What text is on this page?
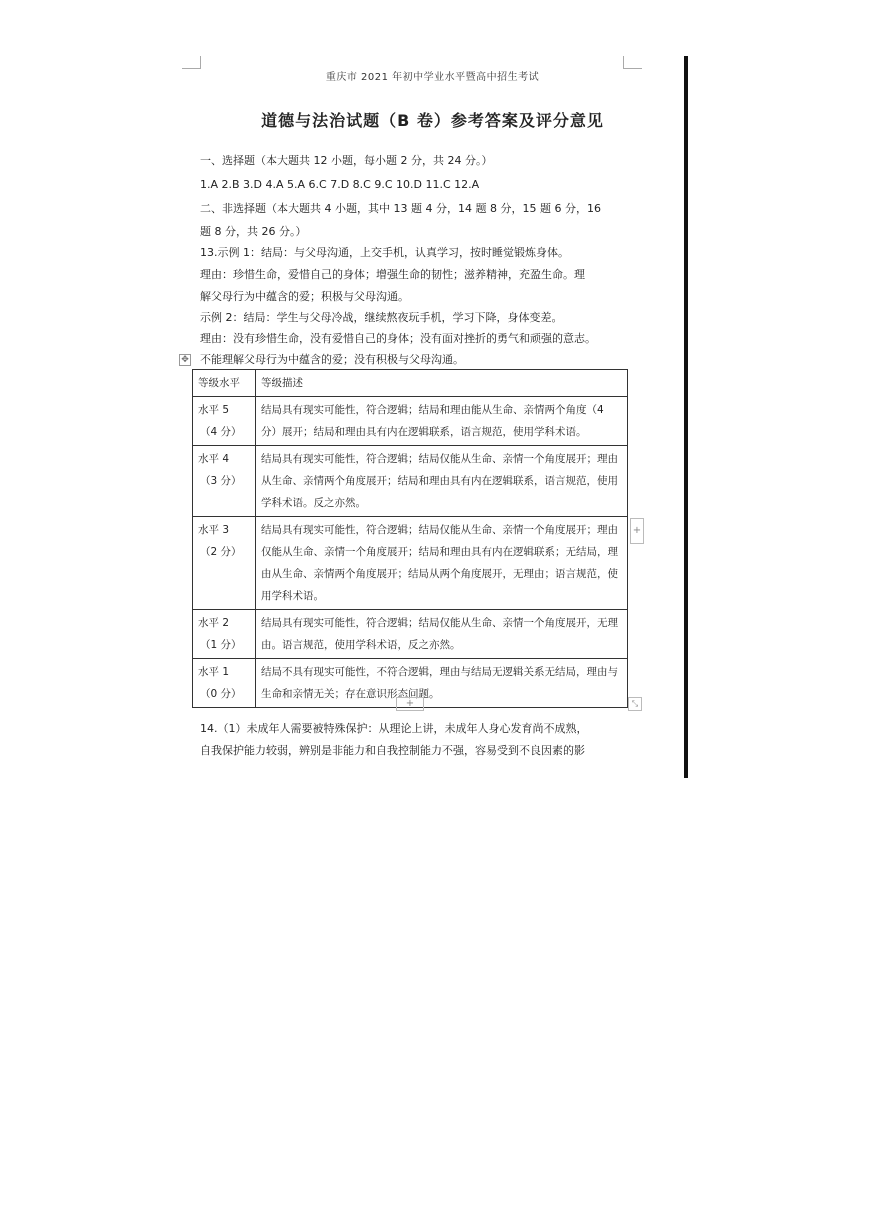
重庆市 2021 年初中学业水平暨高中招生考试
道德与法治试题（B 卷）参考答案及评分意见
一、选择题（本大题共 12 小题，每小题 2 分，共 24 分。）
1.A 2.B 3.D 4.A 5.A 6.C 7.D 8.C 9.C 10.D 11.C 12.A
二、非选择题（本大题共 4 小题，其中 13 题 4 分，14 题 8 分，15 题 6 分，16
题 8 分，共 26 分。）
13.示例 1：结局：与父母沟通，上交手机，认真学习，按时睡觉锻炼身体。
理由：珍惜生命，爱惜自己的身体；增强生命的韧性；滋养精神，充盈生命。理
解父母行为中蕴含的爱；积极与父母沟通。
示例 2：结局：学生与父母冷战，继续熬夜玩手机，学习下降，身体变差。
理由：没有珍惜生命，没有爱惜自己的身体；没有面对挫折的勇气和顽强的意志。
不能理解父母行为中蕴含的爱；没有积极与父母沟通。
✥
等级水平	等级描述
水平 5
（4 分）	结局具有现实可能性，符合逻辑；结局和理由能从生命、亲情两个角度（4 分）展开；结局和理由具有内在逻辑联系，语言规范，使用学科术语。
水平 4
（3 分）	结局具有现实可能性，符合逻辑；结局仅能从生命、亲情一个角度展开；理由从生命、亲情两个角度展开；结局和理由具有内在逻辑联系，语言规范，使用学科术语。反之亦然。
水平 3
（2 分）	结局具有现实可能性，符合逻辑；结局仅能从生命、亲情一个角度展开；理由仅能从生命、亲情一个角度展开；结局和理由具有内在逻辑联系；无结局，理由从生命、亲情两个角度展开；结局从两个角度展开，无理由；语言规范，使用学科术语。
水平 2
（1 分）	结局具有现实可能性，符合逻辑；结局仅能从生命、亲情一个角度展开，无理由。语言规范，使用学科术语，反之亦然。
水平 1
（0 分）	结局不具有现实可能性，不符合逻辑，理由与结局无逻辑关系无结局，理由与生命和亲情无关；存在意识形态问题。
+
+	⤡
14.（1）未成年人需要被特殊保护：从理论上讲，未成年人身心发育尚不成熟，
自我保护能力较弱，辨别是非能力和自我控制能力不强，容易受到不良因素的影
